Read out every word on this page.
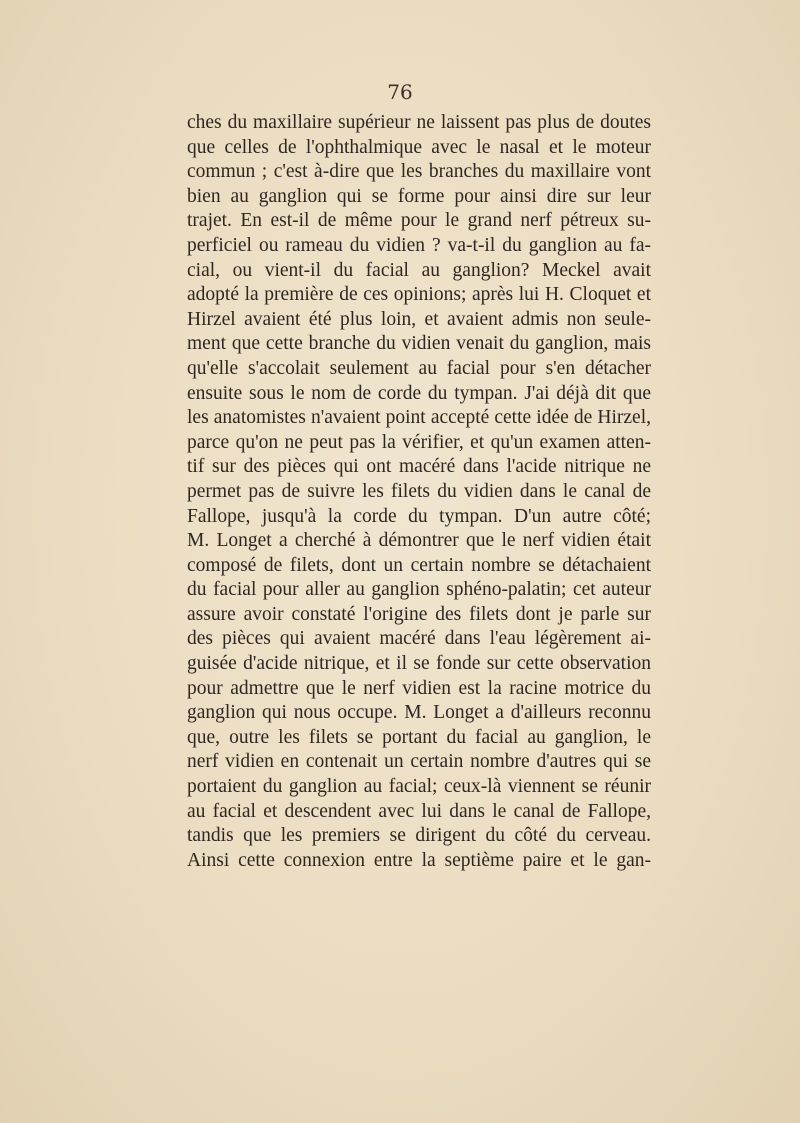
76
ches du maxillaire supérieur ne laissent pas plus de doutes
que celles de l'ophthalmique avec le nasal et le moteur
commun ; c'est à-dire que les branches du maxillaire vont
bien au ganglion qui se forme pour ainsi dire sur leur
trajet. En est-il de même pour le grand nerf pétreux su-
perficiel ou rameau du vidien ? va-t-il du ganglion au fa-
cial, ou vient-il du facial au ganglion? Meckel avait
adopté la première de ces opinions; après lui H. Cloquet et
Hirzel avaient été plus loin, et avaient admis non seule-
ment que cette branche du vidien venait du ganglion, mais
qu'elle s'accolait seulement au facial pour s'en détacher
ensuite sous le nom de corde du tympan. J'ai déjà dit que
les anatomistes n'avaient point accepté cette idée de Hirzel,
parce qu'on ne peut pas la vérifier, et qu'un examen atten-
tif sur des pièces qui ont macéré dans l'acide nitrique ne
permet pas de suivre les filets du vidien dans le canal de
Fallope, jusqu'à la corde du tympan. D'un autre côté;
M. Longet a cherché à démontrer que le nerf vidien était
composé de filets, dont un certain nombre se détachaient
du facial pour aller au ganglion sphéno-palatin; cet auteur
assure avoir constaté l'origine des filets dont je parle sur
des pièces qui avaient macéré dans l'eau légèrement ai-
guisée d'acide nitrique, et il se fonde sur cette observation
pour admettre que le nerf vidien est la racine motrice du
ganglion qui nous occupe. M. Longet a d'ailleurs reconnu
que, outre les filets se portant du facial au ganglion, le
nerf vidien en contenait un certain nombre d'autres qui se
portaient du ganglion au facial; ceux-là viennent se réunir
au facial et descendent avec lui dans le canal de Fallope,
tandis que les premiers se dirigent du côté du cerveau.
Ainsi cette connexion entre la septième paire et le gan-
